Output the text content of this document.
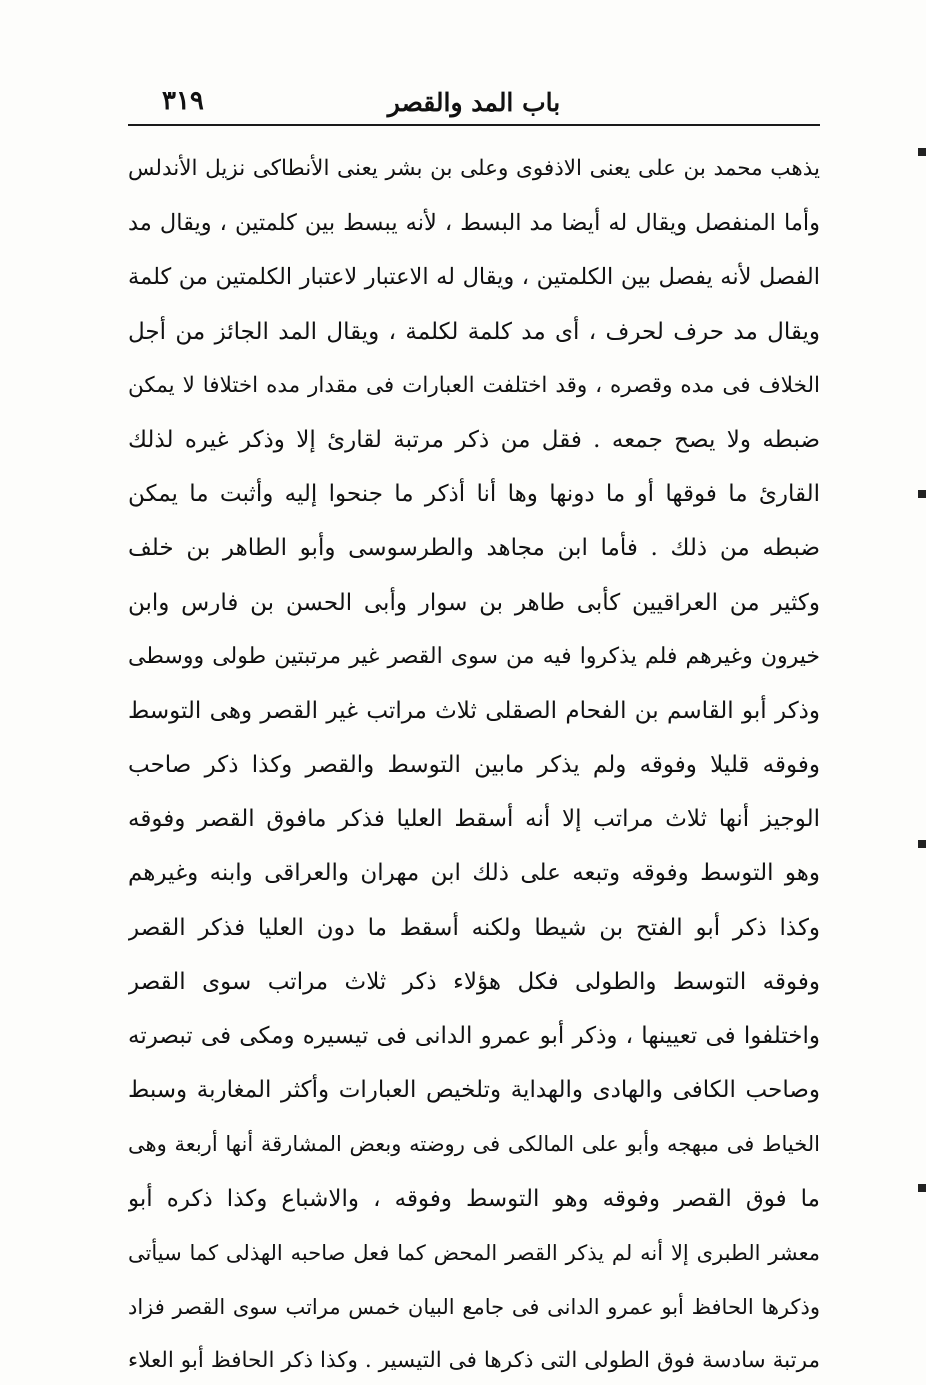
باب المد والقصر
٣١٩
يذهب محمد بن على يعنى الاذفوى وعلى بن بشر يعنى الأنطاكى نزيل الأندلس
وأما المنفصل ويقال له أيضا مد البسط ، لأنه يبسط بين كلمتين ، ويقال مد
الفصل لأنه يفصل بين الكلمتين ، ويقال له الاعتبار لاعتبار الكلمتين من كلمة
ويقال مد حرف لحرف ، أى مد كلمة لكلمة ، ويقال المد الجائز من أجل
الخلاف فى مده وقصره ، وقد اختلفت العبارات فى مقدار مده اختلافا لا يمكن
ضبطه ولا يصح جمعه . فقل من ذكر مرتبة لقارئ إلا وذكر غيره لذلك
القارئ ما فوقها أو ما دونها وها أنا أذكر ما جنحوا إليه وأثبت ما يمكن
ضبطه من ذلك . فأما ابن مجاهد والطرسوسى وأبو الطاهر بن خلف
وكثير من العراقيين كأبى طاهر بن سوار وأبى الحسن بن فارس وابن
خيرون وغيرهم فلم يذكروا فيه من سوى القصر غير مرتبتين طولى ووسطى
وذكر أبو القاسم بن الفحام الصقلى ثلاث مراتب غير القصر وهى التوسط
وفوقه قليلا وفوقه ولم يذكر مابين التوسط والقصر وكذا ذكر صاحب
الوجيز أنها ثلاث مراتب إلا أنه أسقط العليا فذكر مافوق القصر وفوقه
وهو التوسط وفوقه وتبعه على ذلك ابن مهران والعراقى وابنه وغيرهم
وكذا ذكر أبو الفتح بن شيطا ولكنه أسقط ما دون العليا فذكر القصر
وفوقه التوسط والطولى فكل هؤلاء ذكر ثلاث مراتب سوى القصر
واختلفوا فى تعيينها ، وذكر أبو عمرو الدانى فى تيسيره ومكى فى تبصرته
وصاحب الكافى والهادى والهداية وتلخيص العبارات وأكثر المغاربة وسبط
الخياط فى مبهجه وأبو على المالكى فى روضته وبعض المشارقة أنها أربعة وهى
ما فوق القصر وفوقه وهو التوسط وفوقه ، والاشباع وكذا ذكره أبو
معشر الطبرى إلا أنه لم يذكر القصر المحض كما فعل صاحبه الهذلى كما سيأتى
وذكرها الحافظ أبو عمرو الدانى فى جامع البيان خمس مراتب سوى القصر فزاد
مرتبة سادسة فوق الطولى التى ذكرها فى التيسير . وكذا ذكر الحافظ أبو العلاء
